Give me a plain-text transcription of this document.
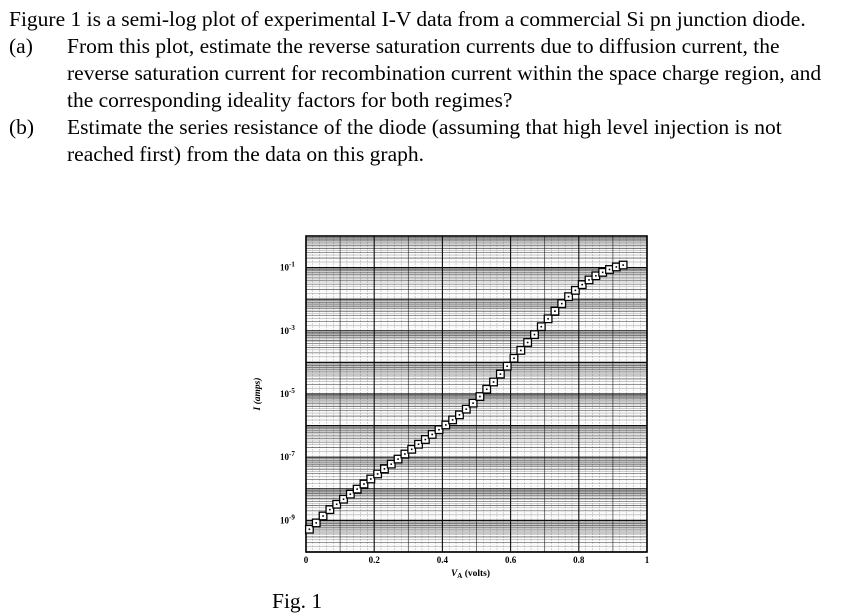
Figure 1 is a semi-log plot of experimental I-V data from a commercial Si pn junction diode.

(a)	From this plot, estimate the reverse saturation currents due to diffusion current, the reverse saturation current for recombination current within the space charge region, and the corresponding ideality factors for both regimes?
(b)	Estimate the series resistance of the diode (assuming that high level injection is not reached first) from the data on this graph.
0	0.2	0.4	0.6	0.8	1
$10^{-1}$
$10^{-3}$
$10^{-5}$
$10^{-7}$
$10^{-9}$
$V_A$ (volts)
I (amps)
Fig. 1
